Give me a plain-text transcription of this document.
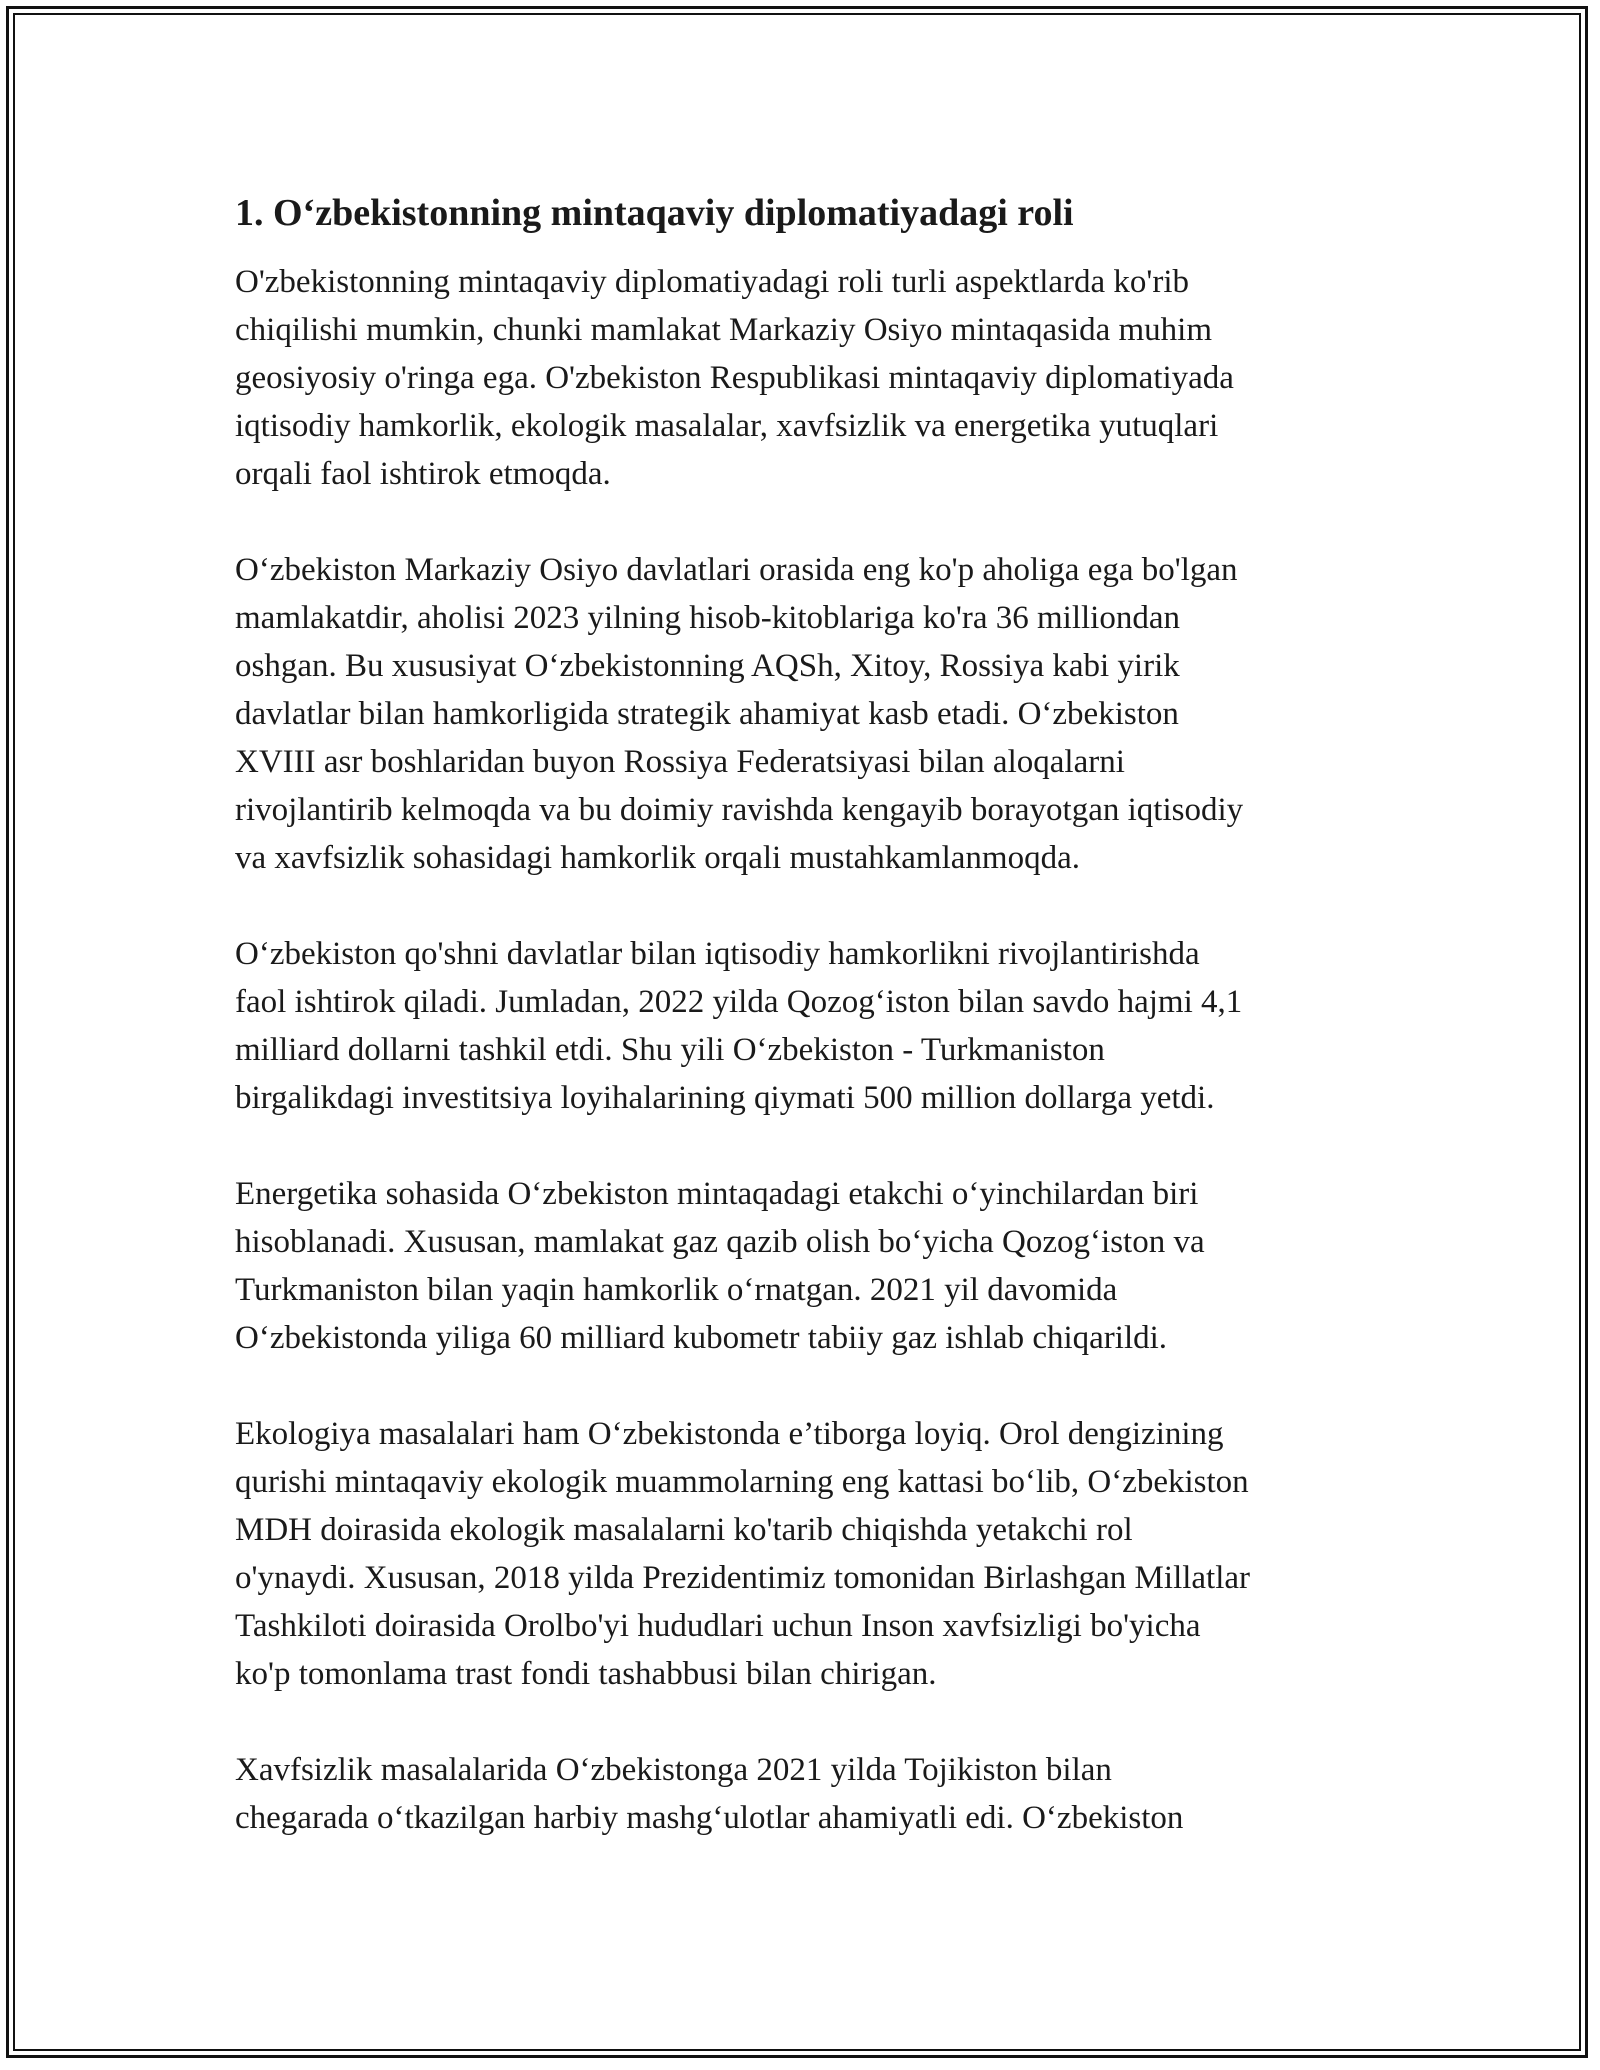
1. O‘zbekistonning mintaqaviy diplomatiyadagi roli
O'zbekistonning mintaqaviy diplomatiyadagi roli turli aspektlarda ko'rib
chiqilishi mumkin, chunki mamlakat Markaziy Osiyo mintaqasida muhim
geosiyosiy o'ringa ega. O'zbekiston Respublikasi mintaqaviy diplomatiyada
iqtisodiy hamkorlik, ekologik masalalar, xavfsizlik va energetika yutuqlari
orqali faol ishtirok etmoqda.
O‘zbekiston Markaziy Osiyo davlatlari orasida eng ko'p aholiga ega bo'lgan
mamlakatdir, aholisi 2023 yilning hisob-kitoblariga ko'ra 36 milliondan
oshgan. Bu xususiyat O‘zbekistonning AQSh, Xitoy, Rossiya kabi yirik
davlatlar bilan hamkorligida strategik ahamiyat kasb etadi. O‘zbekiston
XVIII asr boshlaridan buyon Rossiya Federatsiyasi bilan aloqalarni
rivojlantirib kelmoqda va bu doimiy ravishda kengayib borayotgan iqtisodiy
va xavfsizlik sohasidagi hamkorlik orqali mustahkamlanmoqda.
O‘zbekiston qo'shni davlatlar bilan iqtisodiy hamkorlikni rivojlantirishda
faol ishtirok qiladi. Jumladan, 2022 yilda Qozog‘iston bilan savdo hajmi 4,1
milliard dollarni tashkil etdi. Shu yili O‘zbekiston - Turkmaniston
birgalikdagi investitsiya loyihalarining qiymati 500 million dollarga yetdi.
Energetika sohasida O‘zbekiston mintaqadagi etakchi o‘yinchilardan biri
hisoblanadi. Xususan, mamlakat gaz qazib olish bo‘yicha Qozog‘iston va
Turkmaniston bilan yaqin hamkorlik o‘rnatgan. 2021 yil davomida
O‘zbekistonda yiliga 60 milliard kubometr tabiiy gaz ishlab chiqarildi.
Ekologiya masalalari ham O‘zbekistonda e’tiborga loyiq. Orol dengizining
qurishi mintaqaviy ekologik muammolarning eng kattasi bo‘lib, O‘zbekiston
MDH doirasida ekologik masalalarni ko'tarib chiqishda yetakchi rol
o'ynaydi. Xususan, 2018 yilda Prezidentimiz tomonidan Birlashgan Millatlar
Tashkiloti doirasida Orolbo'yi hududlari uchun Inson xavfsizligi bo'yicha
ko'p tomonlama trast fondi tashabbusi bilan chirigan.
Xavfsizlik masalalarida O‘zbekistonga 2021 yilda Tojikiston bilan
chegarada o‘tkazilgan harbiy mashg‘ulotlar ahamiyatli edi. O‘zbekiston
